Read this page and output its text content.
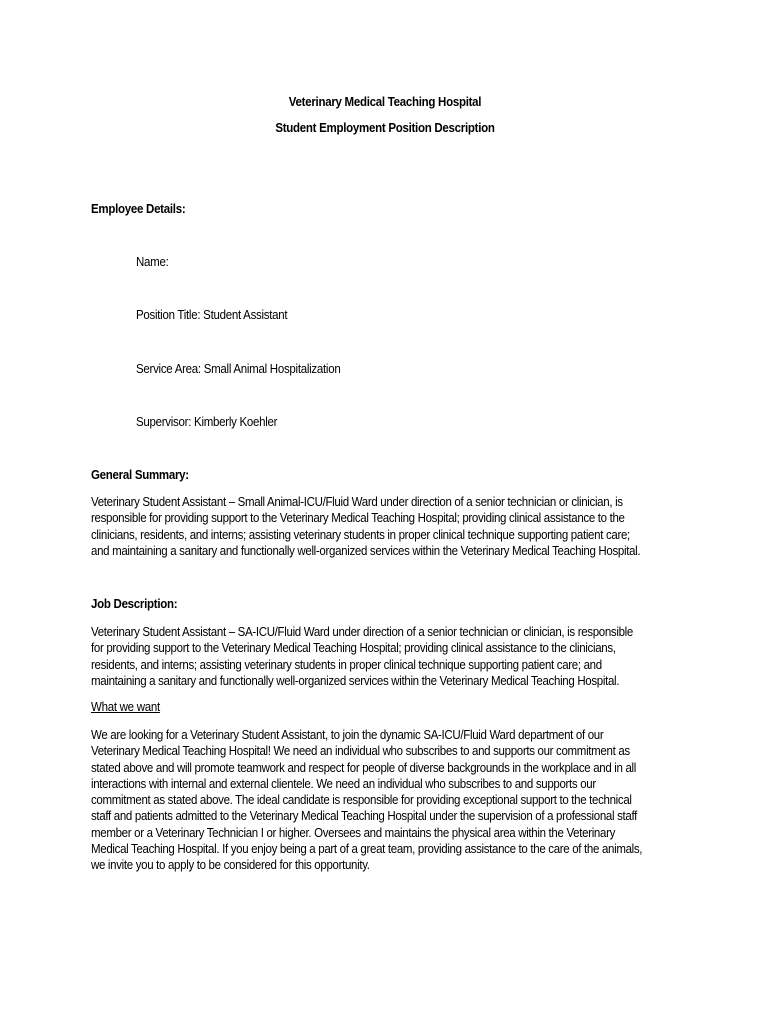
Veterinary Medical Teaching Hospital
Student Employment Position Description
Employee Details:
Name:
Position Title: Student Assistant
Service Area: Small Animal Hospitalization
Supervisor: Kimberly Koehler
General Summary:
Veterinary Student Assistant – Small Animal-ICU/Fluid Ward under direction of a senior technician or clinician, is
responsible for providing support to the Veterinary Medical Teaching Hospital; providing clinical assistance to the
clinicians, residents, and interns; assisting veterinary students in proper clinical technique supporting patient care;
and maintaining a sanitary and functionally well-organized services within the Veterinary Medical Teaching Hospital.
Job Description:
Veterinary Student Assistant – SA-ICU/Fluid Ward under direction of a senior technician or clinician, is responsible
for providing support to the Veterinary Medical Teaching Hospital; providing clinical assistance to the clinicians,
residents, and interns; assisting veterinary students in proper clinical technique supporting patient care; and
maintaining a sanitary and functionally well-organized services within the Veterinary Medical Teaching Hospital.
What we want
We are looking for a Veterinary Student Assistant, to join the dynamic SA-ICU/Fluid Ward department of our
Veterinary Medical Teaching Hospital! We need an individual who subscribes to and supports our commitment as
stated above and will promote teamwork and respect for people of diverse backgrounds in the workplace and in all
interactions with internal and external clientele. We need an individual who subscribes to and supports our
commitment as stated above. The ideal candidate is responsible for providing exceptional support to the technical
staff and patients admitted to the Veterinary Medical Teaching Hospital under the supervision of a professional staff
member or a Veterinary Technician I or higher. Oversees and maintains the physical area within the Veterinary
Medical Teaching Hospital. If you enjoy being a part of a great team, providing assistance to the care of the animals,
we invite you to apply to be considered for this opportunity.
